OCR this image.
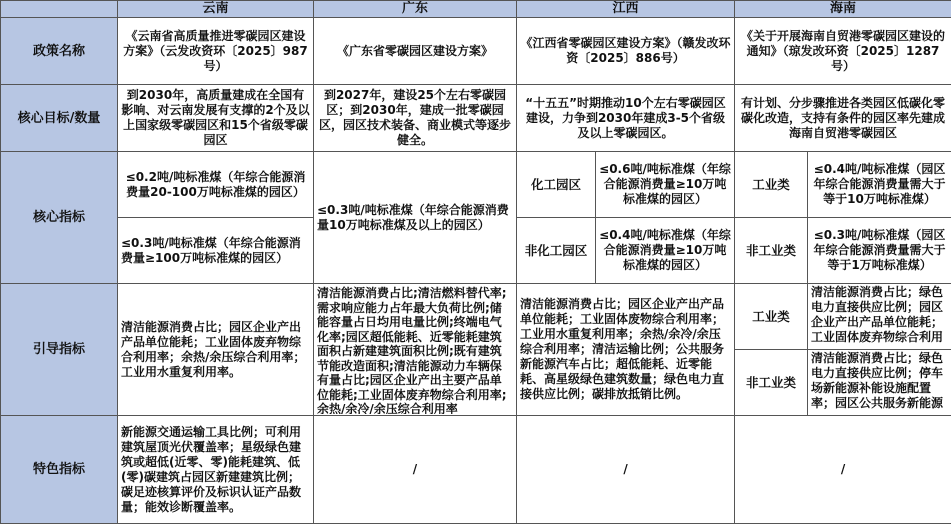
	云南	广东	江西		海南	
政策名称	《云南省高质量推进零碳园区建设方案》（云发改资环〔2025〕987号）	《广东省零碳园区建设方案》	《江西省零碳园区建设方案》（赣发改环资〔2025〕886号）		《关于开展海南自贸港零碳园区建设的通知》（琼发改环资〔2025〕1287号）	
核心目标/数量	到2030年，高质量建成在全国有影响、对云南发展有支撑的2个及以上国家级零碳园区和15个省级零碳园区	到2027年，建设25个左右零碳园区；到2030年，建成一批零碳园区，园区技术装备、商业模式等逐步健全。	“十五五”时期推动10个左右零碳园区建设，力争到2030年建成3-5个省级及以上零碳园区。		有计划、分步骤推进各类园区低碳化零碳化改造，支持有条件的园区率先建成海南自贸港零碳园区	
核心指标	≤0.2吨/吨标准煤（年综合能源消费量20-100万吨标准煤的园区）	≤0.3吨/吨标准煤（年综合能源消费量10万吨标准煤及以上的园区）	化工园区	≤0.6吨/吨标准煤（年综合能源消费量≥10万吨标准煤的园区）	工业类	≤0.4吨/吨标准煤（园区年综合能源消费量需大于等于10万吨标准煤）
	≤0.3吨/吨标准煤（年综合能源消费量≥100万吨标准煤的园区）		非化工园区	≤0.4吨/吨标准煤（年综合能源消费量≥10万吨标准煤的园区）	非工业类	≤0.3吨/吨标准煤（园区年综合能源消费量需大于等于1万吨标准煤）
引导指标	清洁能源消费占比；园区企业产出产品单位能耗；工业固体废弃物综合利用率；余热/余压综合利用率；工业用水重复利用率。	清洁能源消费占比;清洁燃料替代率;需求响应能力占年最大负荷比例;储能容量占日均用电量比例;终端电气化率;园区超低能耗、近零能耗建筑面积占新建建筑面积比例;既有建筑节能改造面积;清洁能源动力车辆保有量占比;园区企业产出主要产品单位能耗;工业固体废弃物综合利用率;余热/余冷/余压综合利用率	清洁能源消费占比；园区企业产出产品单位能耗；工业固体废物综合利用率；工业用水重复利用率；余热/余冷/余压综合利用率；清洁运输比例；公共服务新能源汽车占比；超低能耗、近零能耗、高星级绿色建筑数量；绿色电力直接供应比例；碳排放抵销比例。		工业类	清洁能源消费占比；绿色电力直接供应比例；园区企业产出产品单位能耗；工业固体废弃物综合利用

					非工业类	清洁能源消费占比；绿色电力直接供应比例；停车场新能源补能设施配置率；园区公共服务新能源

特色指标	新能源交通运输工具比例；可利用建筑屋顶光伏覆盖率；星级绿色建筑或超低(近零、零)能耗建筑、低(零)碳建筑占园区新建建筑比例；碳足迹核算评价及标识认证产品数量；能效诊断覆盖率。	/	/		/	
